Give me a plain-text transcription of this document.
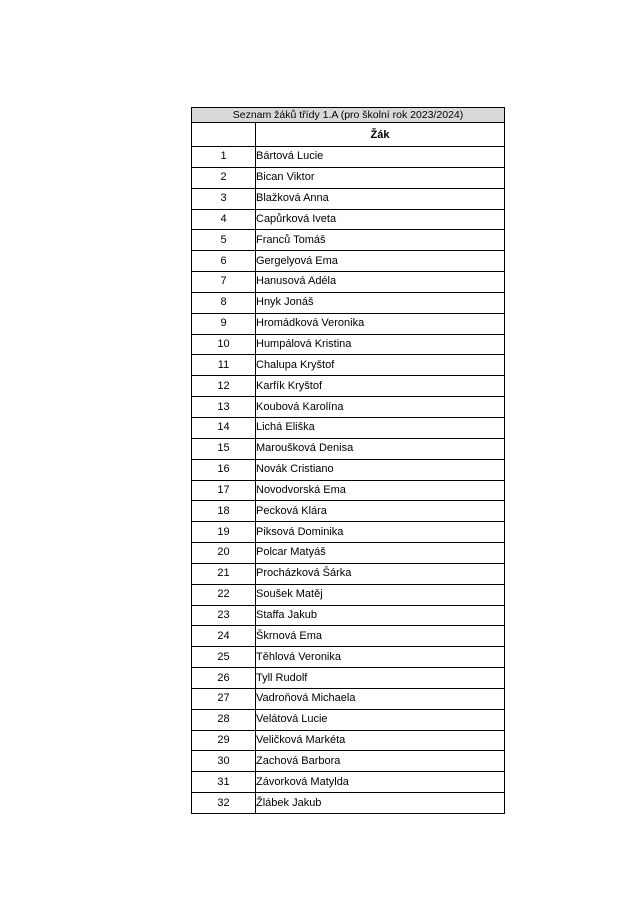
Seznam žáků třídy 1.A (pro školní rok 2023/2024)	
	Žák
1	Bártová Lucie
2	Bican Viktor
3	Blažková Anna
4	Capůrková Iveta
5	Franců Tomáš
6	Gergelyová Ema
7	Hanusová Adéla
8	Hnyk Jonáš
9	Hromádková Veronika
10	Humpálová Kristina
11	Chalupa Kryštof
12	Karfík Kryštof
13	Koubová Karolína
14	Lichá Eliška
15	Maroušková Denisa
16	Novák Cristiano
17	Novodvorská Ema
18	Pecková Klára
19	Piksová Dominika
20	Polcar Matyáš
21	Procházková Šárka
22	Soušek Matěj
23	Staffa Jakub
24	Škrnová Ema
25	Těhlová Veronika
26	Tyll Rudolf
27	Vadroňová Michaela
28	Velátová Lucie
29	Veličková Markéta
30	Zachová Barbora
31	Závorková Matylda
32	Žlábek Jakub
